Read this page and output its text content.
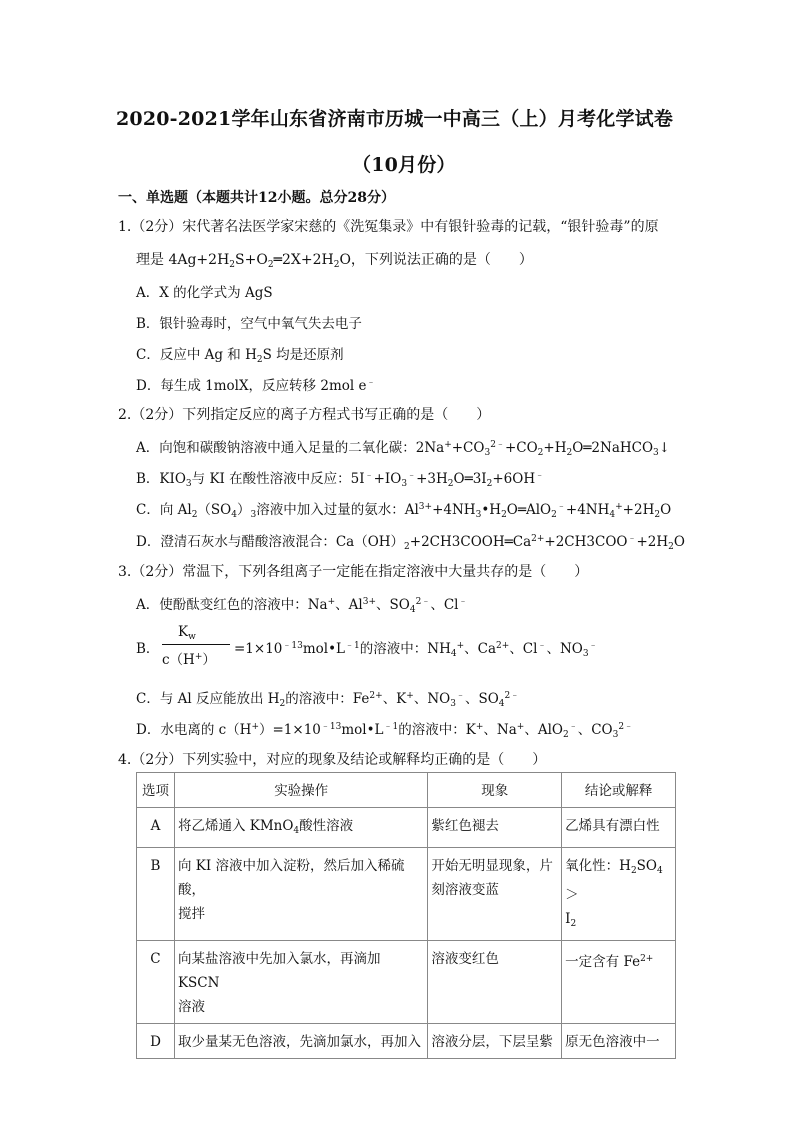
2020-2021学年山东省济南市历城一中高三（上）月考化学试卷
（10月份）
一、单选题（本题共计12小题。总分28分）
1.（2分）宋代著名法医学家宋慈的《洗冤集录》中有银针验毒的记载，“银针验毒”的原
理是 $4Ag+2H_2S+O_2═2X+2H_2O$，下列说法正确的是（　　）
A．X 的化学式为 AgS
B．银针验毒时，空气中氧气失去电子
C．反应中 Ag 和 $H_2S$ 均是还原剂
D．每生成 1molX，反应转移 2mol e﹣
2.（2分）下列指定反应的离子方程式书写正确的是（　　）
A．向饱和碳酸钠溶液中通入足量的二氧化碳：$2Na^++CO_3^{2﹣}+CO_2+H_2O═2NaHCO_3↓$
B．$KIO_3$与 KI 在酸性溶液中反应：$5I^﹣+IO_3^﹣+3H_2O═3I_2+6OH^﹣$
C．向 $Al_2(SO_4)_3$溶液中加入过量的氨水：$Al^{3+}+4NH_3•H_2O═AlO_2^﹣+4NH_4^++2H_2O$
D．澄清石灰水与醋酸溶液混合：$Ca(OH)_2+2CH3COOH═Ca^{2+}+2CH3COO^﹣+2H_2O$
3.（2分）常温下，下列各组离子一定能在指定溶液中大量共存的是（　　）
A．使酚酞变红色的溶液中：Na+、$Al^{3+}$、$SO_4^{2﹣}$、Cl﹣
B．
$K_w$
c（H+）
$=1\times 10^{﹣13}mol•L^{﹣1}$的溶液中：$NH_4^+$、$Ca^{2+}$、Cl﹣、$NO_3^﹣$
C．与 Al 反应能放出 $H_2$的溶液中：$Fe^{2+}$、K+、$NO_3^﹣$、$SO_4^{2﹣}$
D．水电离的 $c(H^+)=1\times 10^{﹣13}mol•L^{﹣1}$的溶液中：K+、Na+、AlO$_2$﹣、$CO_3^{2﹣}$
4.（2分）下列实验中，对应的现象及结论或解释均正确的是（　　）
选项	实验操作	现象	结论或解释
A	将乙烯通入 KMnO$_4$酸性溶液	紫红色褪去	乙烯具有漂白性
B	向 KI 溶液中加入淀粉，然后加入稀硫酸，
搅拌	开始无明显现象，片
刻溶液变蓝	氧化性：$H_2SO_4>$
$I_2$
C	向某盐溶液中先加入氯水，再滴加 KSCN
溶液	溶液变红色	一定含有 $Fe^{2+}$
D	取少量某无色溶液，先滴加氯水，再加入	溶液分层，下层呈紫	原无色溶液中一
